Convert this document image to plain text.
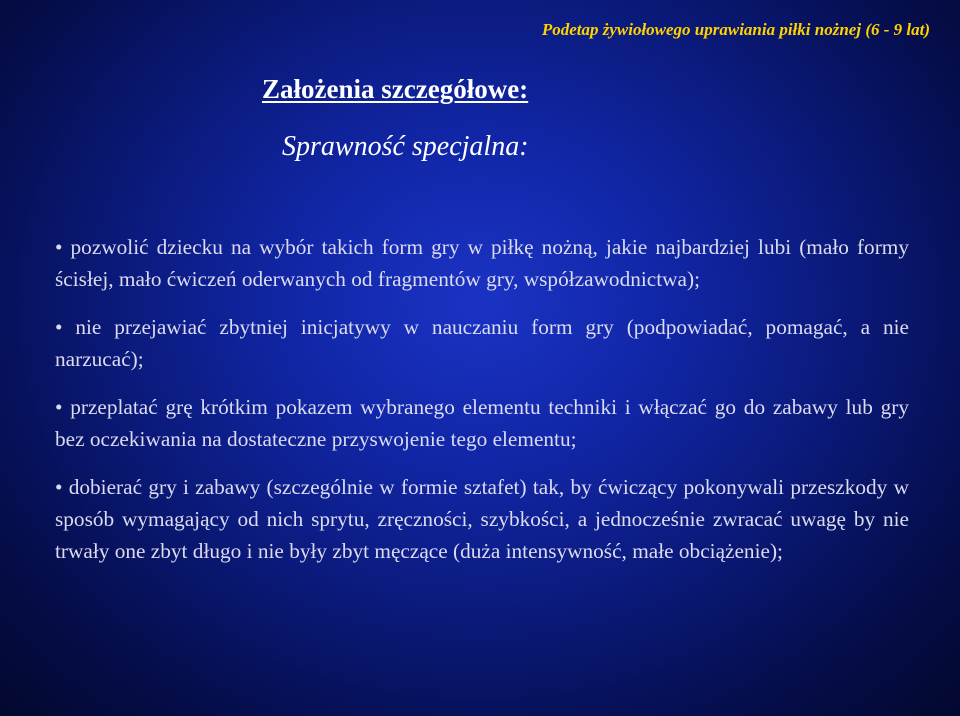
Podetap żywiołowego uprawiania piłki nożnej (6 - 9 lat)
Założenia szczegółowe:
Sprawność specjalna:
• pozwolić dziecku na wybór takich form gry w piłkę nożną, jakie najbardziej lubi (mało formy ścisłej, mało ćwiczeń oderwanych od fragmentów gry, współzawodnictwa);
• nie przejawiać zbytniej inicjatywy w nauczaniu form gry (podpowiadać, pomagać, a nie narzucać);
• przeplatać grę krótkim pokazem wybranego elementu techniki i włączać go do zabawy lub gry bez oczekiwania na dostateczne przyswojenie tego elementu;
• dobierać gry i zabawy (szczególnie w formie sztafet) tak, by ćwiczący pokonywali przeszkody w sposób wymagający od nich sprytu, zręczności, szybkości, a jednocześnie zwracać uwagę by nie trwały one zbyt długo i nie były zbyt męczące (duża intensywność, małe obciążenie);
